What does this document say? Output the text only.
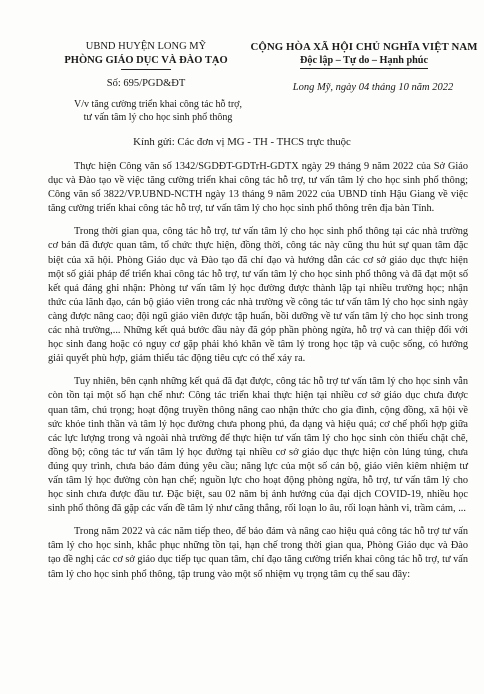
UBND HUYỆN LONG MỸ
PHÒNG GIÁO DỤC VÀ ĐÀO TẠO
CỘNG HÒA XÃ HỘI CHỦ NGHĨA VIỆT NAM
Độc lập – Tự do – Hạnh phúc
Số: 695/PGD&ĐT	Long Mỹ, ngày 04 tháng 10 năm 2022
V/v tăng cường triển khai công tác hỗ trợ,
tư vấn tâm lý cho học sinh phổ thông
Kính gửi: Các đơn vị MG - TH - THCS trực thuộc

Thực hiện Công văn số 1342/SGDĐT-GDTrH-GDTX ngày 29 tháng 9 năm 2022 của Sở Giáo dục và Đào tạo về việc tăng cường triển khai công tác hỗ trợ, tư vấn tâm lý cho học sinh phổ thông; Công văn số 3822/VP.UBND-NCTH ngày 13 tháng 9 năm 2022 của UBND tỉnh Hậu Giang về việc tăng cường triển khai công tác hỗ trợ, tư vấn tâm lý cho học sinh phổ thông trên địa bàn Tỉnh.

Trong thời gian qua, công tác hỗ trợ, tư vấn tâm lý cho học sinh phổ thông tại các nhà trường cơ bản đã được quan tâm, tổ chức thực hiện, đồng thời, công tác này cũng thu hút sự quan tâm đặc biệt của xã hội. Phòng Giáo dục và Đào tạo đã chỉ đạo và hướng dẫn các cơ sở giáo dục thực hiện một số giải pháp để triển khai công tác hỗ trợ, tư vấn tâm lý cho học sinh phổ thông và đã đạt một số kết quả đáng ghi nhận: Phòng tư vấn tâm lý học đường được thành lập tại nhiều trường học; nhận thức của lãnh đạo, cán bộ giáo viên trong các nhà trường về công tác tư vấn tâm lý cho học sinh ngày càng được nâng cao; đội ngũ giáo viên được tập huấn, bồi dưỡng về tư vấn tâm lý cho học sinh trong các nhà trường,... Những kết quả bước đầu này đã góp phần phòng ngừa, hỗ trợ và can thiệp đối với học sinh đang hoặc có nguy cơ gặp phải khó khăn về tâm lý trong học tập và cuộc sống, có hướng giải quyết phù hợp, giảm thiểu tác động tiêu cực có thể xảy ra.

Tuy nhiên, bên cạnh những kết quả đã đạt được, công tác hỗ trợ tư vấn tâm lý cho học sinh vẫn còn tồn tại một số hạn chế như: Công tác triển khai thực hiện tại nhiều cơ sở giáo dục chưa được quan tâm, chú trọng; hoạt động truyền thông nâng cao nhận thức cho gia đình, cộng đồng, xã hội về sức khỏe tinh thần và tâm lý học đường chưa phong phú, đa dạng và hiệu quả; cơ chế phối hợp giữa các lực lượng trong và ngoài nhà trường để thực hiện tư vấn tâm lý cho học sinh còn thiếu chặt chẽ, đồng bộ; công tác tư vấn tâm lý học đường tại nhiều cơ sở giáo dục thực hiện còn lúng túng, chưa đúng quy trình, chưa bảo đảm đúng yêu cầu; năng lực của một số cán bộ, giáo viên kiêm nhiệm tư vấn tâm lý học đường còn hạn chế; nguồn lực cho hoạt động phòng ngừa, hỗ trợ, tư vấn tâm lý cho học sinh chưa được đầu tư. Đặc biệt, sau 02 năm bị ảnh hưởng của đại dịch COVID-19, nhiều học sinh phổ thông đã gặp các vấn đề tâm lý như căng thẳng, rối loạn lo âu, rối loạn hành vi, trầm cảm, ...

Trong năm 2022 và các năm tiếp theo, để bảo đảm và nâng cao hiệu quả công tác hỗ trợ tư vấn tâm lý cho học sinh, khắc phục những tồn tại, hạn chế trong thời gian qua, Phòng Giáo dục và Đào tạo đề nghị các cơ sở giáo dục tiếp tục quan tâm, chỉ đạo tăng cường triển khai công tác hỗ trợ, tư vấn tâm lý cho học sinh phổ thông, tập trung vào một số nhiệm vụ trọng tâm cụ thể sau đây:
